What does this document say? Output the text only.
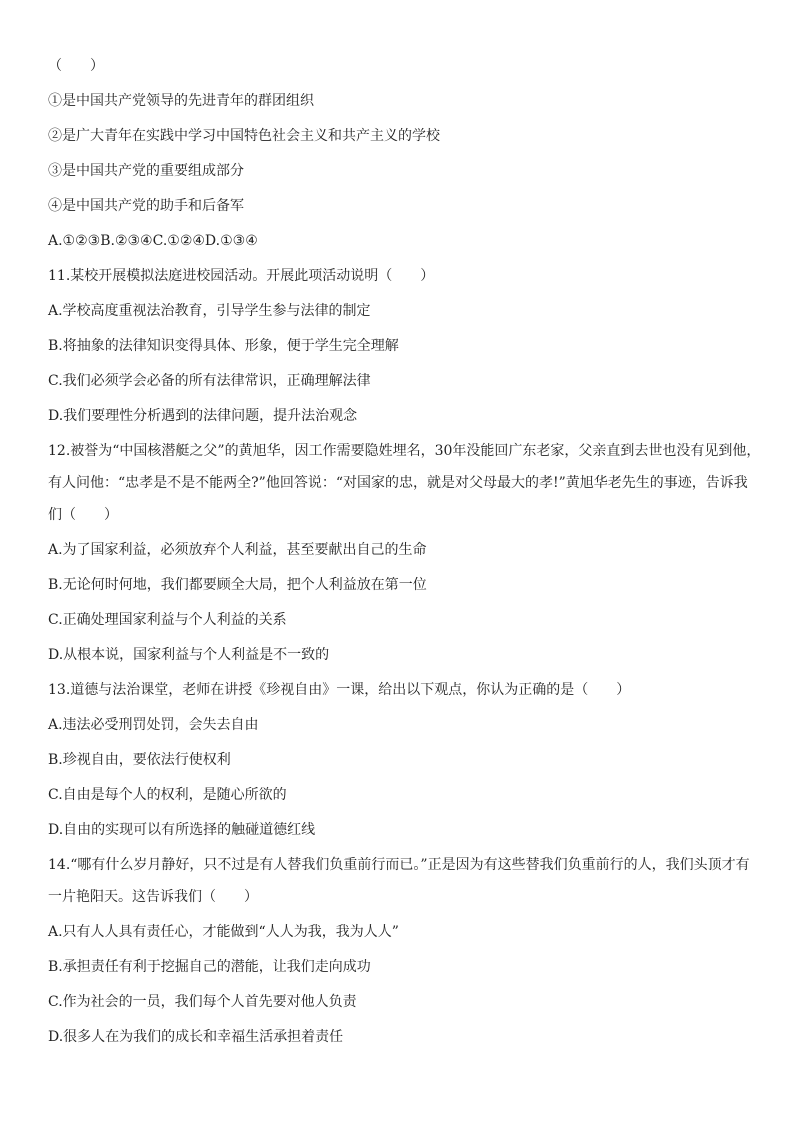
（　　）
①是中国共产党领导的先进青年的群团组织
②是广大青年在实践中学习中国特色社会主义和共产主义的学校
③是中国共产党的重要组成部分
④是中国共产党的助手和后备军
A.①②③B.②③④C.①②④D.①③④
11.某校开展模拟法庭进校园活动。开展此项活动说明（　　）
A.学校高度重视法治教育，引导学生参与法律的制定
B.将抽象的法律知识变得具体、形象，便于学生完全理解
C.我们必须学会必备的所有法律常识，正确理解法律
D.我们要理性分析遇到的法律问题，提升法治观念
12.被誉为“中国核潜艇之父”的黄旭华，因工作需要隐姓埋名，30年没能回广东老家，父亲直到去世也没有见到他，
有人问他：“忠孝是不是不能两全?”他回答说：“对国家的忠，就是对父母最大的孝!”黄旭华老先生的事迹，告诉我
们（　　）
A.为了国家利益，必须放弃个人利益，甚至要献出自己的生命
B.无论何时何地，我们都要顾全大局，把个人利益放在第一位
C.正确处理国家利益与个人利益的关系
D.从根本说，国家利益与个人利益是不一致的
13.道德与法治课堂，老师在讲授《珍视自由》一课，给出以下观点，你认为正确的是（　　）
A.违法必受刑罚处罚，会失去自由
B.珍视自由，要依法行使权利
C.自由是每个人的权利，是随心所欲的
D.自由的实现可以有所选择的触碰道德红线
14.“哪有什么岁月静好，只不过是有人替我们负重前行而已。”正是因为有这些替我们负重前行的人，我们头顶才有
一片艳阳天。这告诉我们（　　）
A.只有人人具有责任心，才能做到“人人为我，我为人人”
B.承担责任有利于挖掘自己的潜能，让我们走向成功
C.作为社会的一员，我们每个人首先要对他人负责
D.很多人在为我们的成长和幸福生活承担着责任
